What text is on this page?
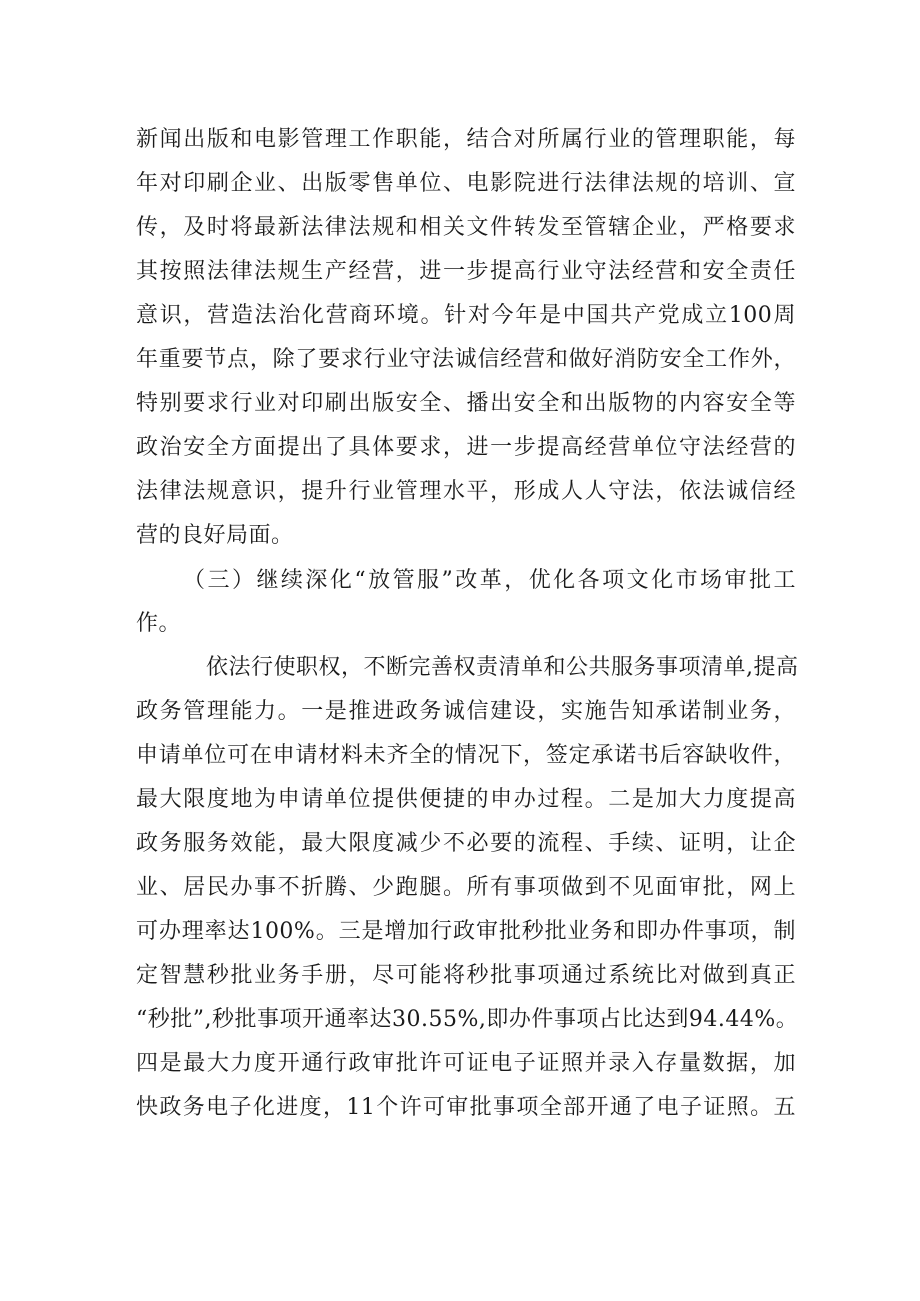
新闻出版和电影管理工作职能，结合对所属行业的管理职能，每
年对印刷企业、出版零售单位、电影院进行法律法规的培训、宣
传，及时将最新法律法规和相关文件转发至管辖企业，严格要求
其按照法律法规生产经营，进一步提高行业守法经营和安全责任
意识，营造法治化营商环境。针对今年是中国共产党成立100周
年重要节点，除了要求行业守法诚信经营和做好消防安全工作外，
特别要求行业对印刷出版安全、播出安全和出版物的内容安全等
政治安全方面提出了具体要求，进一步提高经营单位守法经营的
法律法规意识，提升行业管理水平，形成人人守法，依法诚信经
营的良好局面。
（三）继续深化“放管服”改革，优化各项文化市场审批工
作。
依法行使职权，不断完善权责清单和公共服务事项清单,提高
政务管理能力。一是推进政务诚信建设，实施告知承诺制业务，
申请单位可在申请材料未齐全的情况下，签定承诺书后容缺收件，
最大限度地为申请单位提供便捷的申办过程。二是加大力度提高
政务服务效能，最大限度减少不必要的流程、手续、证明，让企
业、居民办事不折腾、少跑腿。所有事项做到不见面审批，网上
可办理率达100%。三是增加行政审批秒批业务和即办件事项，制
定智慧秒批业务手册，尽可能将秒批事项通过系统比对做到真正
“秒批”,秒批事项开通率达30.55%,即办件事项占比达到94.44%。
四是最大力度开通行政审批许可证电子证照并录入存量数据，加
快政务电子化进度，11个许可审批事项全部开通了电子证照。五
